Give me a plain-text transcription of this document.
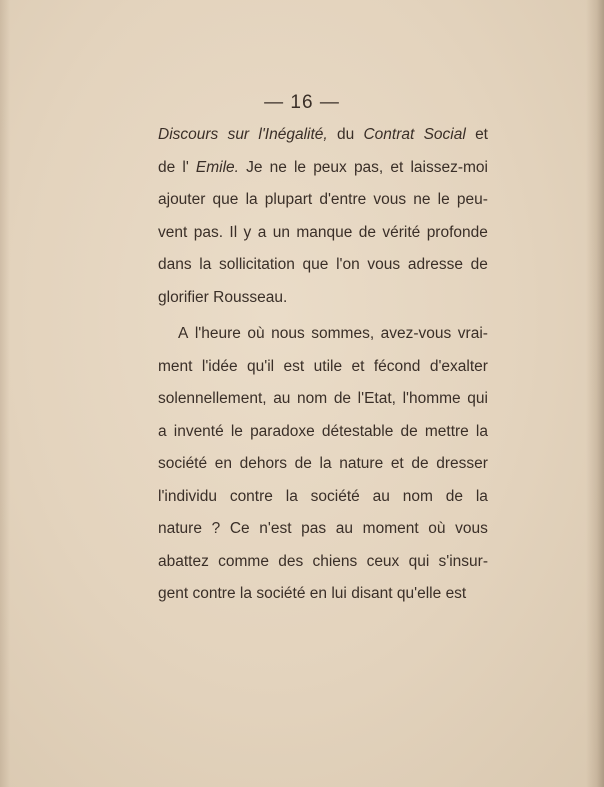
— 16 —
Discours sur l'Inégalité, du Contrat Social et
de l' Emile. Je ne le peux pas, et laissez-moi
ajouter que la plupart d'entre vous ne le peu-
vent pas. Il y a un manque de vérité profonde
dans la sollicitation que l'on vous adresse de
glorifier Rousseau.
A l'heure où nous sommes, avez-vous vrai-
ment l'idée qu'il est utile et fécond d'exalter
solennellement, au nom de l'Etat, l'homme qui
a inventé le paradoxe détestable de mettre la
société en dehors de la nature et de dresser
l'individu contre la société au nom de la
nature ? Ce n'est pas au moment où vous
abattez comme des chiens ceux qui s'insur-
gent contre la société en lui disant qu'elle est
